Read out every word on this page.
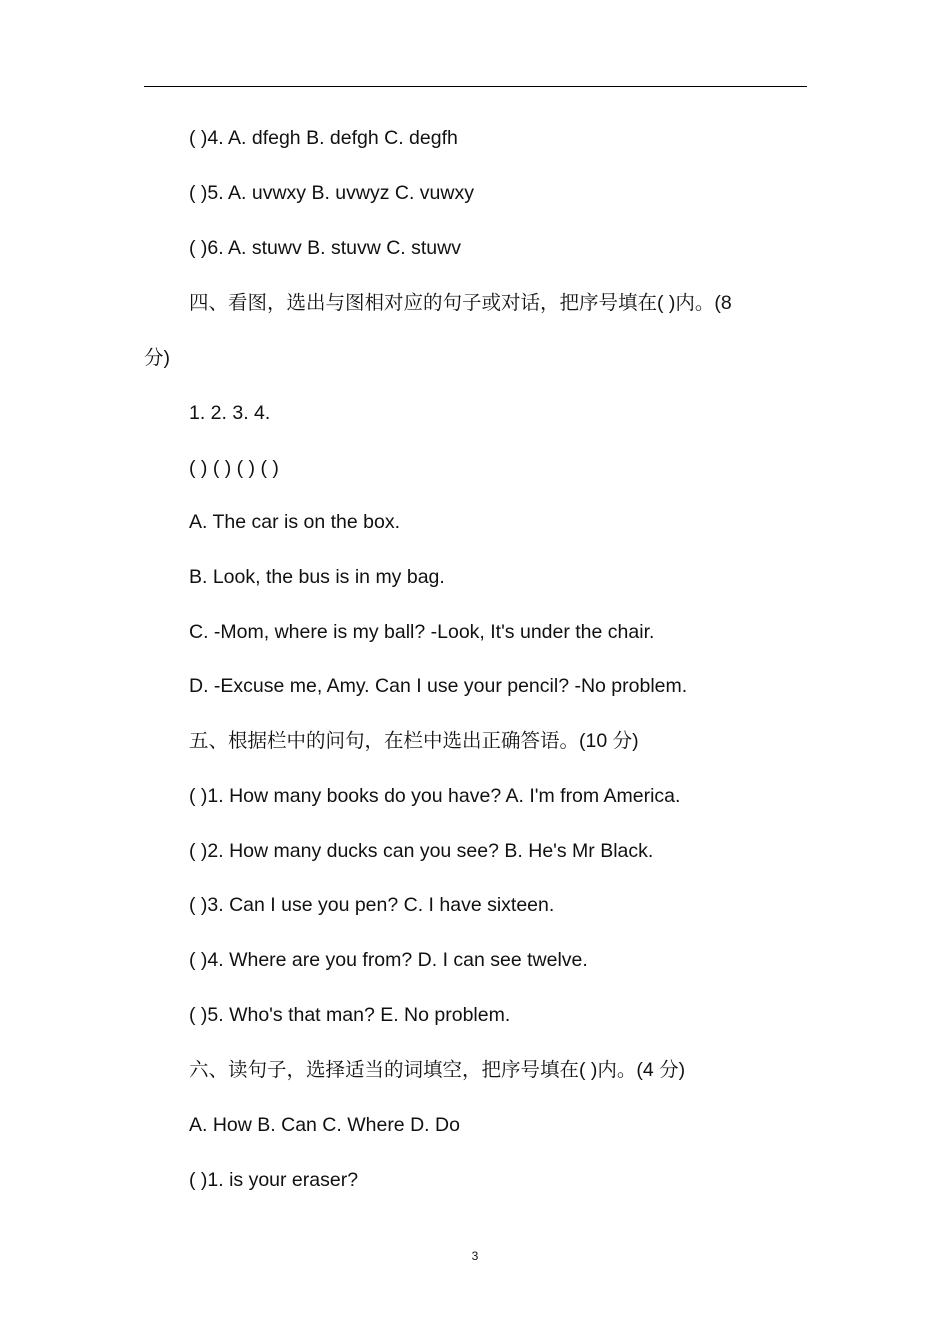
( )4. A. dfegh B. defgh C. degfh
( )5. A. uvwxy B. uvwyz C. vuwxy
( )6. A. stuwv B. stuvw C. stuwv
四、看图，选出与图相对应的句子或对话，把序号填在( )内。(8
分)
1. 2. 3. 4.
( ) ( ) ( ) ( )
A. The car is on the box.
B. Look, the bus is in my bag.
C. -Mom, where is my ball? -Look, It's under the chair.
D. -Excuse me, Amy. Can I use your pencil? -No problem.
五、根据栏中的问句，在栏中选出正确答语。(10 分)
( )1. How many books do you have? A. I'm from America.
( )2. How many ducks can you see? B. He's Mr Black.
( )3. Can I use you pen? C. I have sixteen.
( )4. Where are you from? D. I can see twelve.
( )5. Who's that man? E. No problem.
六、读句子，选择适当的词填空，把序号填在( )内。(4 分)
A. How B. Can C. Where D. Do
( )1. is your eraser?
3
